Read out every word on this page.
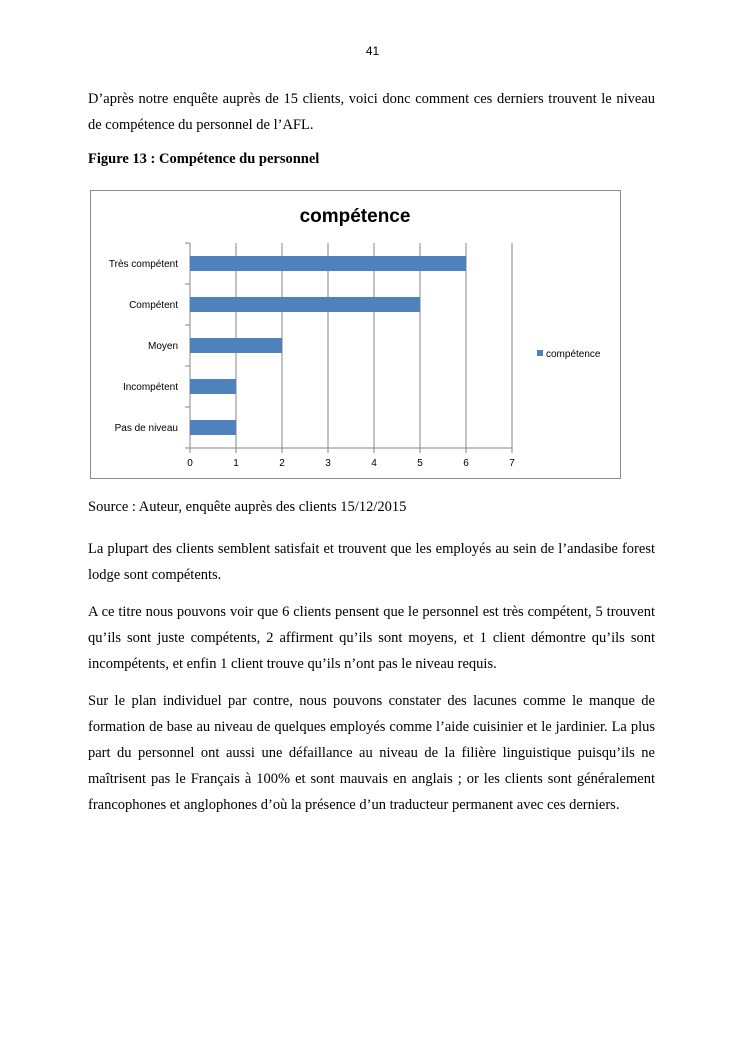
41

D’après notre enquête auprès de 15 clients, voici donc comment ces derniers trouvent le niveau de compétence du personnel de l’AFL.

Figure 13 : Compétence du personnel
compétence
0	1	2	3	4	5	6	7
Très compétent
Compétent
Moyen
Incompétent
Pas de niveau
compétence
Source : Auteur, enquête auprès des clients 15/12/2015

La plupart des clients semblent satisfait et trouvent que les employés au sein de l’andasibe forest lodge sont compétents.

A ce titre nous pouvons voir que 6 clients pensent que le personnel est très compétent, 5 trouvent qu’ils sont juste compétents, 2 affirment qu’ils sont moyens, et 1 client démontre qu’ils sont incompétents, et enfin 1 client trouve qu’ils n’ont pas le niveau requis.

Sur le plan individuel par contre, nous pouvons constater des lacunes comme le manque de formation de base au niveau de quelques employés comme l’aide cuisinier et le jardinier. La plus part du personnel ont aussi une défaillance au niveau de la filière linguistique puisqu’ils ne maîtrisent pas le Français à 100% et sont mauvais en anglais ; or les clients sont généralement francophones et anglophones d’où la présence d’un traducteur permanent avec ces derniers.
